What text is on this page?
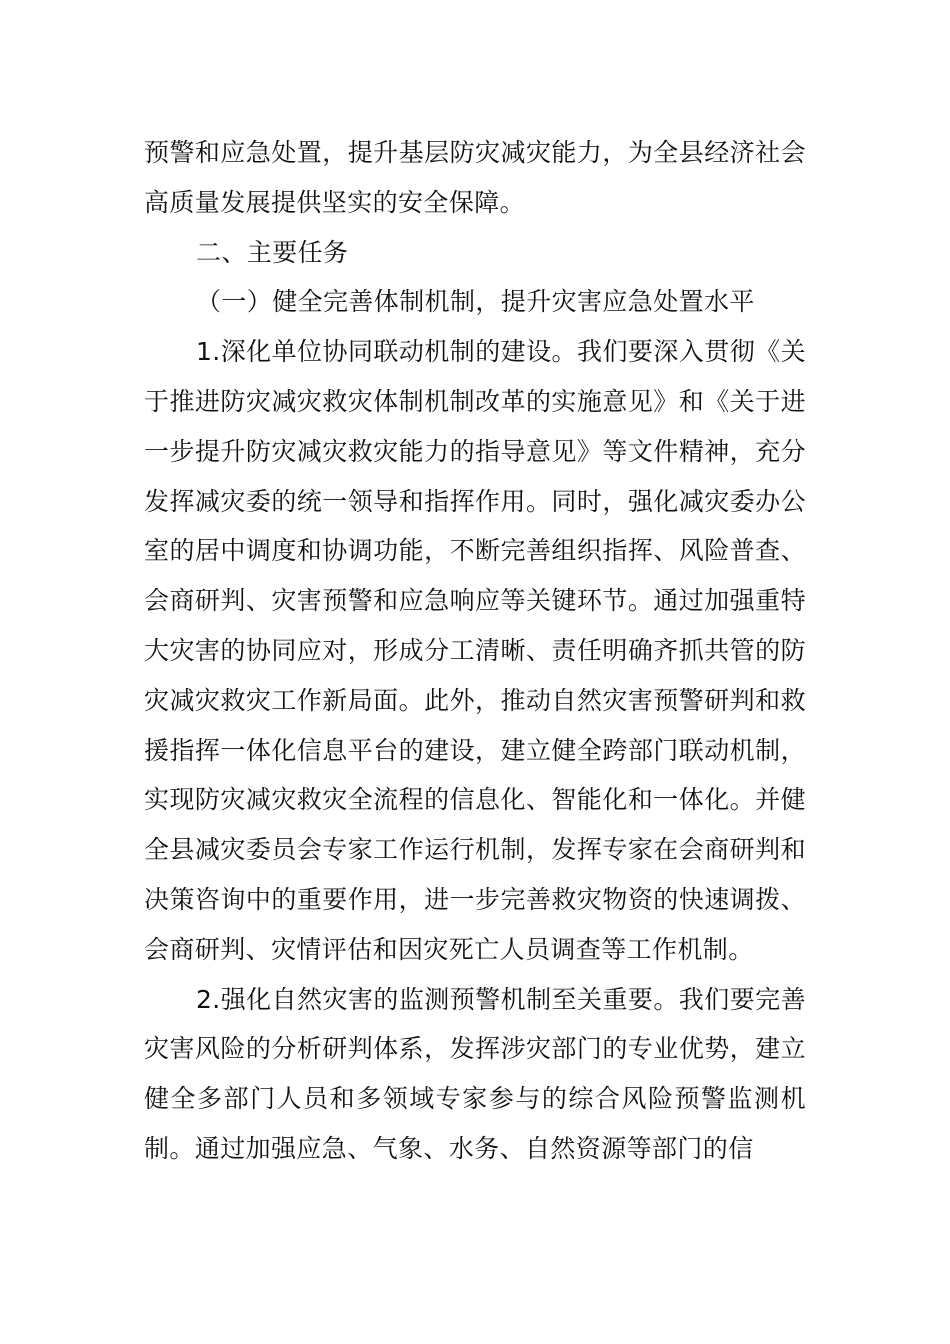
预警和应急处置，提升基层防灾减灾能力，为全县经济社会高质量发展提供坚实的安全保障。

二、主要任务

（一）健全完善体制机制，提升灾害应急处置水平

1.深化单位协同联动机制的建设。我们要深入贯彻《关于推进防灾减灾救灾体制机制改革的实施意见》和《关于进一步提升防灾减灾救灾能力的指导意见》等文件精神，充分发挥减灾委的统一领导和指挥作用。同时，强化减灾委办公室的居中调度和协调功能，不断完善组织指挥、风险普查、会商研判、灾害预警和应急响应等关键环节。通过加强重特大灾害的协同应对，形成分工清晰、责任明确齐抓共管的防灾减灾救灾工作新局面。此外，推动自然灾害预警研判和救援指挥一体化信息平台的建设，建立健全跨部门联动机制，实现防灾减灾救灾全流程的信息化、智能化和一体化。并健全县减灾委员会专家工作运行机制，发挥专家在会商研判和决策咨询中的重要作用，进一步完善救灾物资的快速调拨、会商研判、灾情评估和因灾死亡人员调查等工作机制。

2.强化自然灾害的监测预警机制至关重要。我们要完善灾害风险的分析研判体系，发挥涉灾部门的专业优势，建立健全多部门人员和多领域专家参与的综合风险预警监测机制。通过加强应急、气象、水务、自然资源等部门的信
